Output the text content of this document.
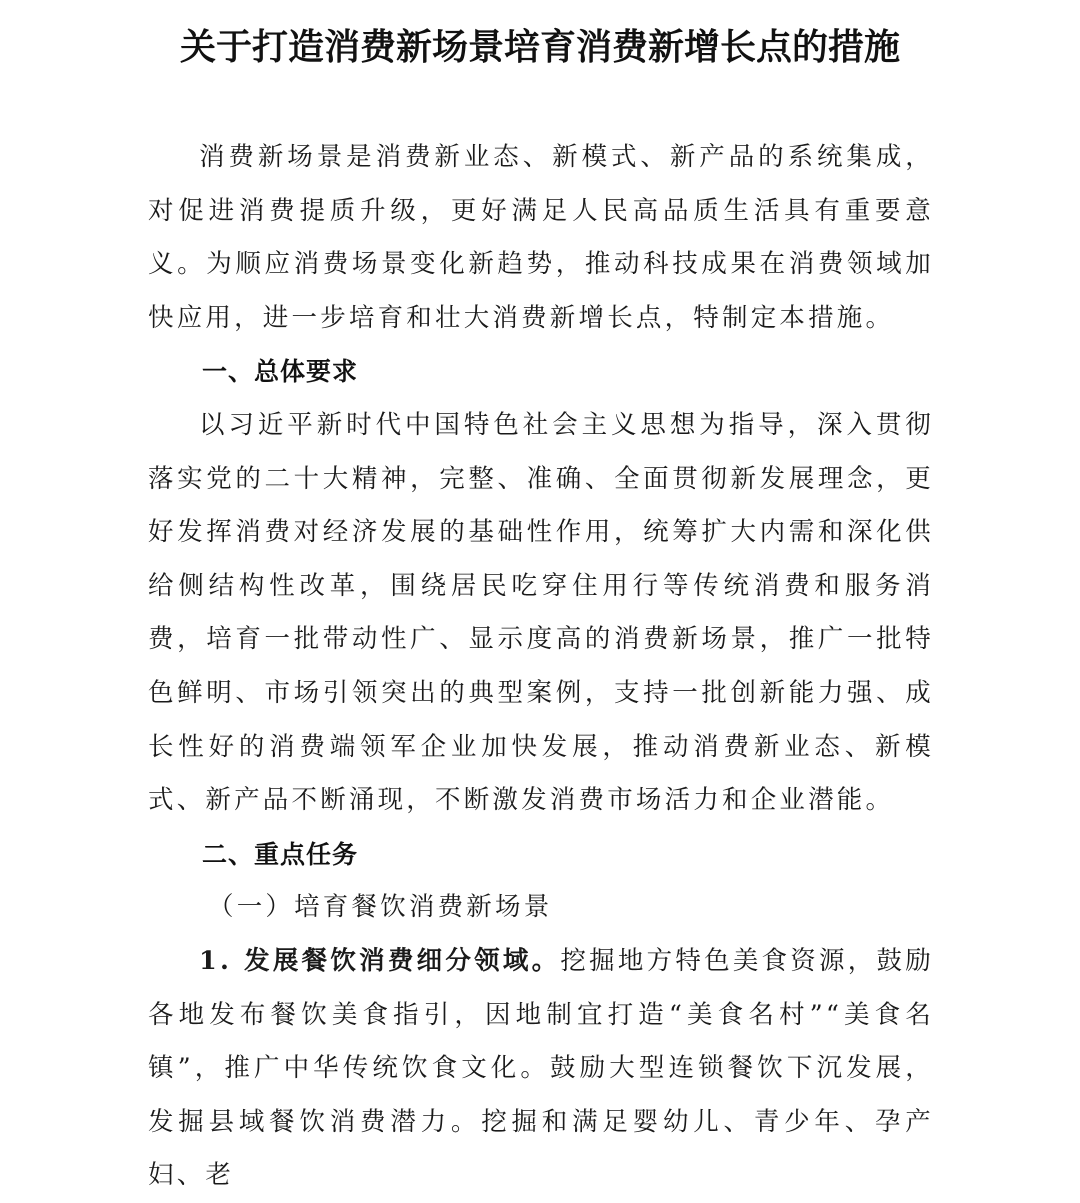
关于打造消费新场景培育消费新增长点的措施

消费新场景是消费新业态、新模式、新产品的系统集成，对促进消费提质升级，更好满足人民高品质生活具有重要意义。为顺应消费场景变化新趋势，推动科技成果在消费领域加快应用，进一步培育和壮大消费新增长点，特制定本措施。

一、总体要求

以习近平新时代中国特色社会主义思想为指导，深入贯彻落实党的二十大精神，完整、准确、全面贯彻新发展理念，更好发挥消费对经济发展的基础性作用，统筹扩大内需和深化供给侧结构性改革，围绕居民吃穿住用行等传统消费和服务消费，培育一批带动性广、显示度高的消费新场景，推广一批特色鲜明、市场引领突出的典型案例，支持一批创新能力强、成长性好的消费端领军企业加快发展，推动消费新业态、新模式、新产品不断涌现，不断激发消费市场活力和企业潜能。

二、重点任务
（一）培育餐饮消费新场景

1. 发展餐饮消费细分领域。挖掘地方特色美食资源，鼓励各地发布餐饮美食指引，因地制宜打造“美食名村”“美食名镇”，推广中华传统饮食文化。鼓励大型连锁餐饮下沉发展，发掘县域餐饮消费潜力。挖掘和满足婴幼儿、青少年、孕产妇、老
